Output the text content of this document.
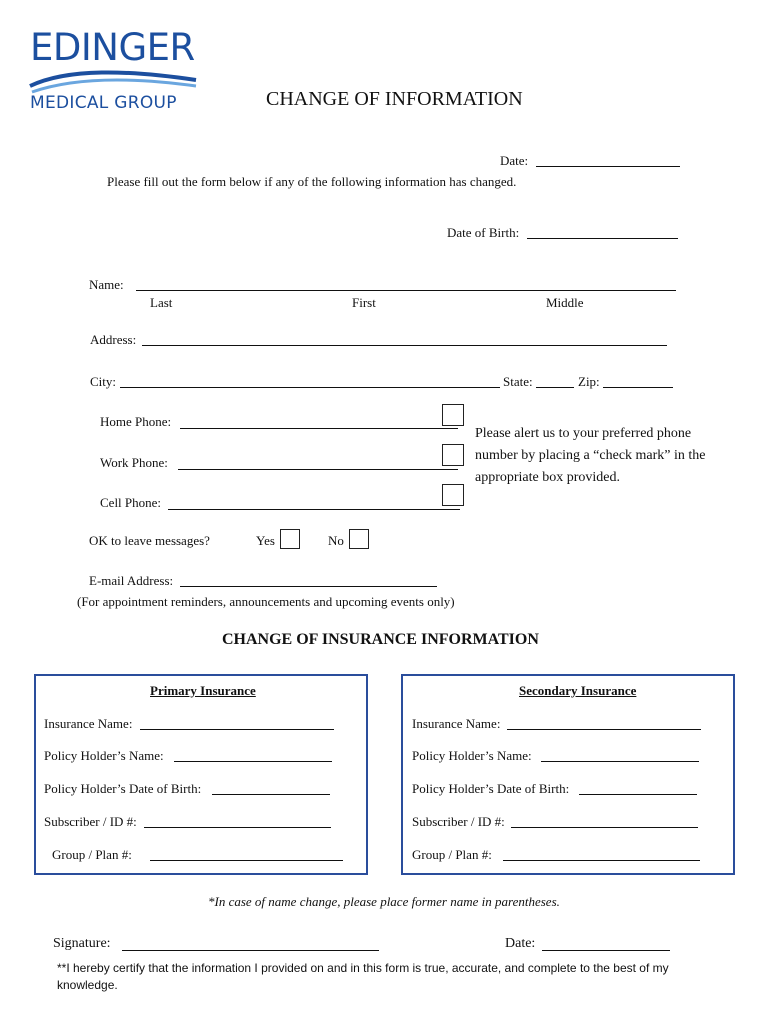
EDINGER
MEDICAL GROUP	CHANGE OF INFORMATION
Date:
Please fill out the form below if any of the following information has changed.
Date of Birth:
Name:
Last	First	Middle
Address:
City:	State:	Zip:
Home Phone:
Work Phone:
Cell Phone:
Please alert us to your preferred phone number by placing a “check mark” in the appropriate box provided.
OK to leave messages?	Yes	No
E-mail Address:
(For appointment reminders, announcements and upcoming events only)
CHANGE OF INSURANCE INFORMATION
Primary Insurance
Insurance Name:
Policy Holder’s Name:
Policy Holder’s Date of Birth:
Subscriber / ID #:
Group / Plan #:
Secondary Insurance
Insurance Name:
Policy Holder’s Name:
Policy Holder’s Date of Birth:
Subscriber / ID #:
Group / Plan #:
*In case of name change, please place former name in parentheses.
Signature:	Date:
**I hereby certify that the information I provided on and in this form is true, accurate, and complete to the best of my
knowledge.
